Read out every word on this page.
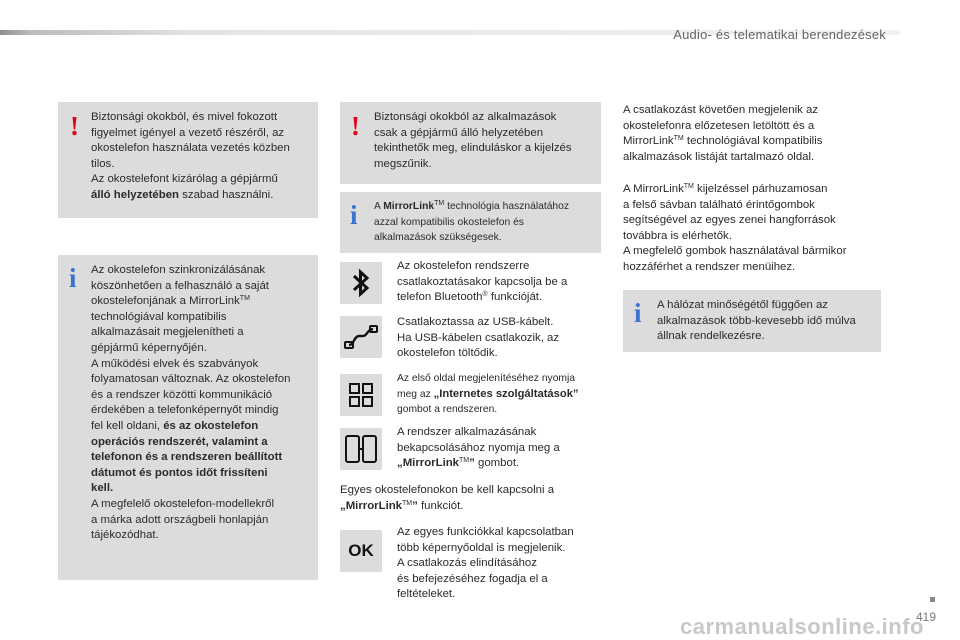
Audio- és telematikai berendezések
! Biztonsági okokból, és mivel fokozott
figyelmet igényel a vezető részéről, az
okostelefon használata vezetés közben
tilos.
Az okostelefont kizárólag a gépjármű
álló helyzetében szabad használni.
i Az okostelefon szinkronizálásának
köszönhetően a felhasználó a saját
okostelefonjának a MirrorLink™
technológiával kompatibilis
alkalmazásait megjelenítheti a
gépjármű képernyőjén.
A működési elvek és szabványok
folyamatosan változnak. Az okostelefon
és a rendszer közötti kommunikáció
érdekében a telefonképernyőt mindig
fel kell oldani, és az okostelefon
operációs rendszerét, valamint a
telefonon és a rendszeren beállított
dátumot és pontos időt frissíteni
kell.
A megfelelő okostelefon-modellekről
a márka adott országbeli honlapján
tájékozódhat.
! Biztonsági okokból az alkalmazások
csak a gépjármű álló helyzetében
tekinthetők meg, elinduláskor a kijelzés
megszűnik.
i A MirrorLink™ technológia használatához
azzal kompatibilis okostelefon és
alkalmazások szükségesek.
Az okostelefon rendszerre
csatlakoztatásakor kapcsolja be a
telefon Bluetooth® funkcióját.
Csatlakoztassa az USB-kábelt.
Ha USB-kábelen csatlakozik, az
okostelefon töltődik.
Az első oldal megjelenítéséhez nyomja
meg az „Internetes szolgáltatások”
gombot a rendszeren.
A rendszer alkalmazásának
bekapcsolásához nyomja meg a
„MirrorLink™” gombot.
Egyes okostelefonokon be kell kapcsolni a
„MirrorLink™” funkciót.
OK
Az egyes funkciókkal kapcsolatban
több képernyőoldal is megjelenik.
A csatlakozás elindításához
és befejezéséhez fogadja el a
feltételeket.
A csatlakozást követően megjelenik az
okostelefonra előzetesen letöltött és a
MirrorLink™ technológiával kompatibilis
alkalmazások listáját tartalmazó oldal.
A MirrorLink™ kijelzéssel párhuzamosan
a felső sávban található érintőgombok
segítségével az egyes zenei hangforrások
továbbra is elérhetők.
A megfelelő gombok használatával bármikor
hozzáférhet a rendszer menüihez.
i A hálózat minőségétől függően az
alkalmazások több-kevesebb idő múlva
állnak rendelkezésre.
419
carmanualsonline.info
